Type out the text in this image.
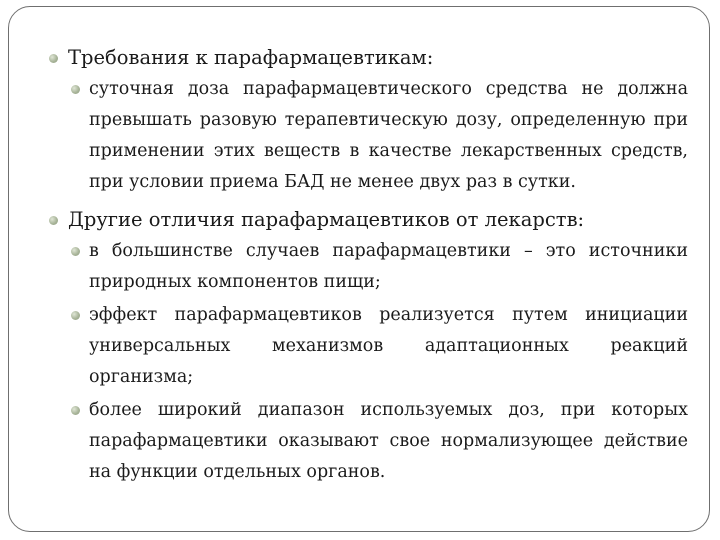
Требования к парафармацевтикам:

суточная доза парафармацевтического средства не должна превышать разовую терапевтическую дозу, определенную при применении этих веществ в качестве лекарственных средств, при условии приема БАД не менее двух раз в сутки.

Другие отличия парафармацевтиков от лекарств:

в большинстве случаев парафармацевтики – это источники природных компонентов пищи;

эффект парафармацевтиков реализуется путем инициации универсальных механизмов адаптационных реакций организма;

более широкий диапазон используемых доз, при которых парафармацевтики оказывают свое нормализующее действие на функции отдельных органов.
